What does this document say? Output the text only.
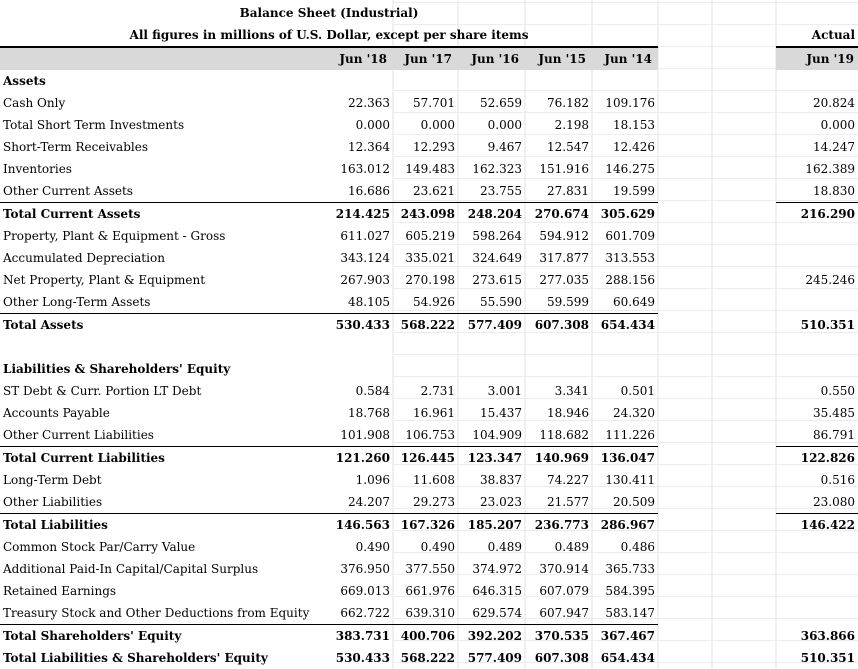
Balance Sheet (Industrial)								
All figures in millions of U.S. Dollar, except per share items								Actual
	Jun '18	Jun '17	Jun '16	Jun '15	Jun '14			Jun '19
Assets								
Cash Only	22.363	57.701	52.659	76.182	109.176			20.824
Total Short Term Investments	0.000	0.000	0.000	2.198	18.153			0.000
Short-Term Receivables	12.364	12.293	9.467	12.547	12.426			14.247
Inventories	163.012	149.483	162.323	151.916	146.275			162.389
Other Current Assets	16.686	23.621	23.755	27.831	19.599			18.830
Total Current Assets	214.425	243.098	248.204	270.674	305.629			216.290
Property, Plant & Equipment - Gross	611.027	605.219	598.264	594.912	601.709			
Accumulated Depreciation	343.124	335.021	324.649	317.877	313.553			
Net Property, Plant & Equipment	267.903	270.198	273.615	277.035	288.156			245.246
Other Long-Term Assets	48.105	54.926	55.590	59.599	60.649			
Total Assets	530.433	568.222	577.409	607.308	654.434			510.351

Liabilities & Shareholders' Equity								
ST Debt & Curr. Portion LT Debt	0.584	2.731	3.001	3.341	0.501			0.550
Accounts Payable	18.768	16.961	15.437	18.946	24.320			35.485
Other Current Liabilities	101.908	106.753	104.909	118.682	111.226			86.791
Total Current Liabilities	121.260	126.445	123.347	140.969	136.047			122.826
Long-Term Debt	1.096	11.608	38.837	74.227	130.411			0.516
Other Liabilities	24.207	29.273	23.023	21.577	20.509			23.080
Total Liabilities	146.563	167.326	185.207	236.773	286.967			146.422
Common Stock Par/Carry Value	0.490	0.490	0.489	0.489	0.486			
Additional Paid-In Capital/Capital Surplus	376.950	377.550	374.972	370.914	365.733			
Retained Earnings	669.013	661.976	646.315	607.079	584.395			
Treasury Stock and Other Deductions from Equity	662.722	639.310	629.574	607.947	583.147			
Total Shareholders' Equity	383.731	400.706	392.202	370.535	367.467			363.866
Total Liabilities & Shareholders' Equity	530.433	568.222	577.409	607.308	654.434			510.351
